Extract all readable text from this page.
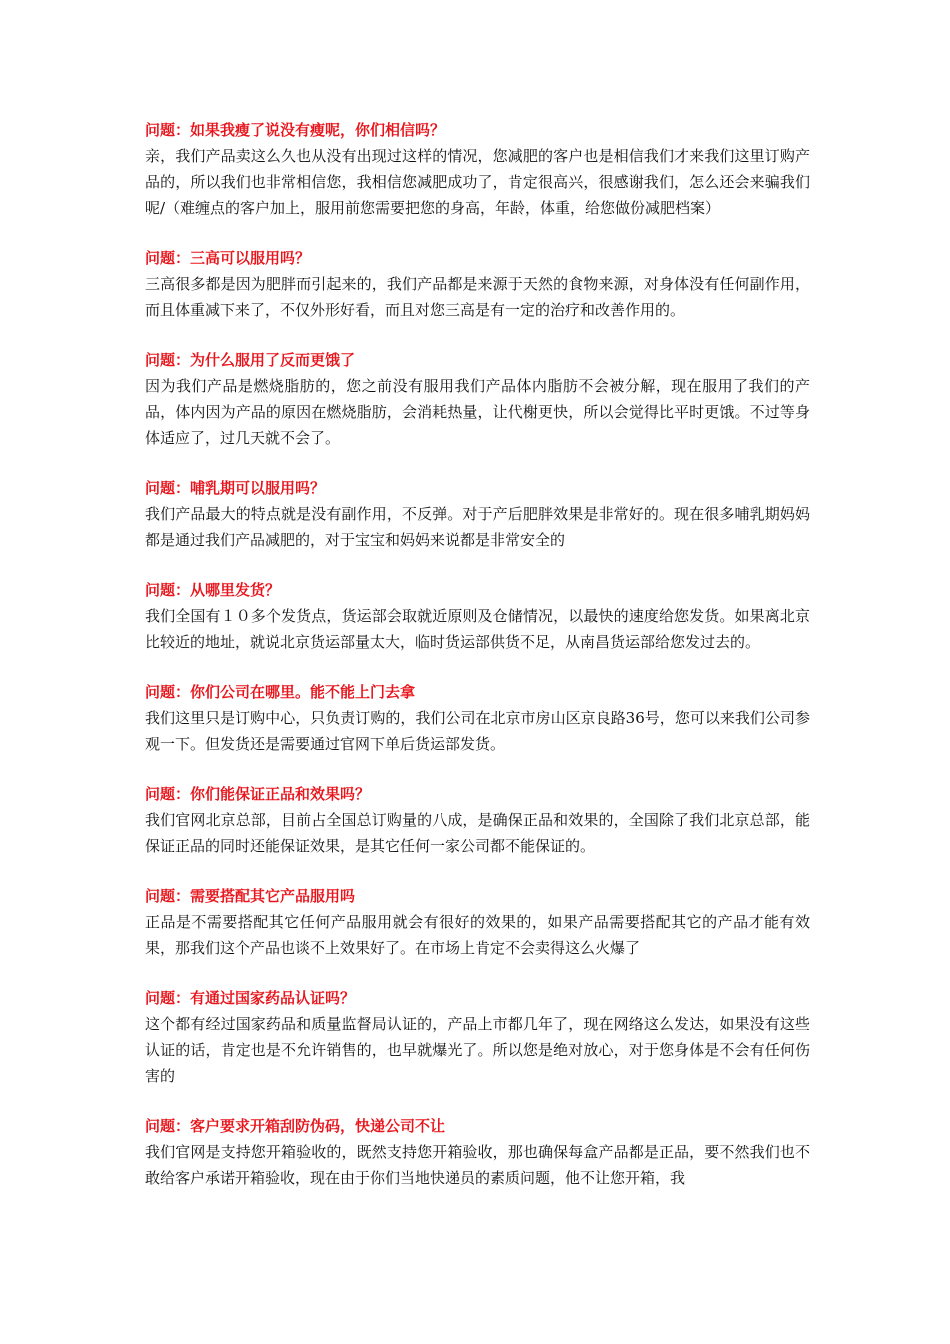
问题：如果我瘦了说没有瘦呢，你们相信吗？

亲，我们产品卖这么久也从没有出现过这样的情况，您减肥的客户也是相信我们才来我们这里订购产品的，所以我们也非常相信您，我相信您减肥成功了，肯定很高兴，很感谢我们，怎么还会来骗我们呢/（难缠点的客户加上，服用前您需要把您的身高，年龄，体重，给您做份减肥档案）

问题：三高可以服用吗？

三高很多都是因为肥胖而引起来的，我们产品都是来源于天然的食物来源，对身体没有任何副作用，而且体重减下来了，不仅外形好看，而且对您三高是有一定的治疗和改善作用的。

问题：为什么服用了反而更饿了

因为我们产品是燃烧脂肪的，您之前没有服用我们产品体内脂肪不会被分解，现在服用了我们的产品，体内因为产品的原因在燃烧脂肪，会消耗热量，让代榭更快，所以会觉得比平时更饿。不过等身体适应了，过几天就不会了。

问题：哺乳期可以服用吗？

我们产品最大的特点就是没有副作用，不反弹。对于产后肥胖效果是非常好的。现在很多哺乳期妈妈都是通过我们产品减肥的，对于宝宝和妈妈来说都是非常安全的

问题：从哪里发货？

我们全国有１０多个发货点，货运部会取就近原则及仓储情况，以最快的速度给您发货。如果离北京比较近的地址，就说北京货运部量太大，临时货运部供货不足，从南昌货运部给您发过去的。

问题：你们公司在哪里。能不能上门去拿

我们这里只是订购中心，只负责订购的，我们公司在北京市房山区京良路36号，您可以来我们公司参观一下。但发货还是需要通过官网下单后货运部发货。

问题：你们能保证正品和效果吗？

我们官网北京总部，目前占全国总订购量的八成，是确保正品和效果的，全国除了我们北京总部，能保证正品的同时还能保证效果，是其它任何一家公司都不能保证的。

问题：需要搭配其它产品服用吗

正品是不需要搭配其它任何产品服用就会有很好的效果的，如果产品需要搭配其它的产品才能有效果，那我们这个产品也谈不上效果好了。在市场上肯定不会卖得这么火爆了

问题：有通过国家药品认证吗？

这个都有经过国家药品和质量监督局认证的，产品上市都几年了，现在网络这么发达，如果没有这些认证的话，肯定也是不允许销售的，也早就爆光了。所以您是绝对放心，对于您身体是不会有任何伤害的

问题：客户要求开箱刮防伪码，快递公司不让

我们官网是支持您开箱验收的，既然支持您开箱验收，那也确保每盒产品都是正品，要不然我们也不敢给客户承诺开箱验收，现在由于你们当地快递员的素质问题，他不让您开箱，我
